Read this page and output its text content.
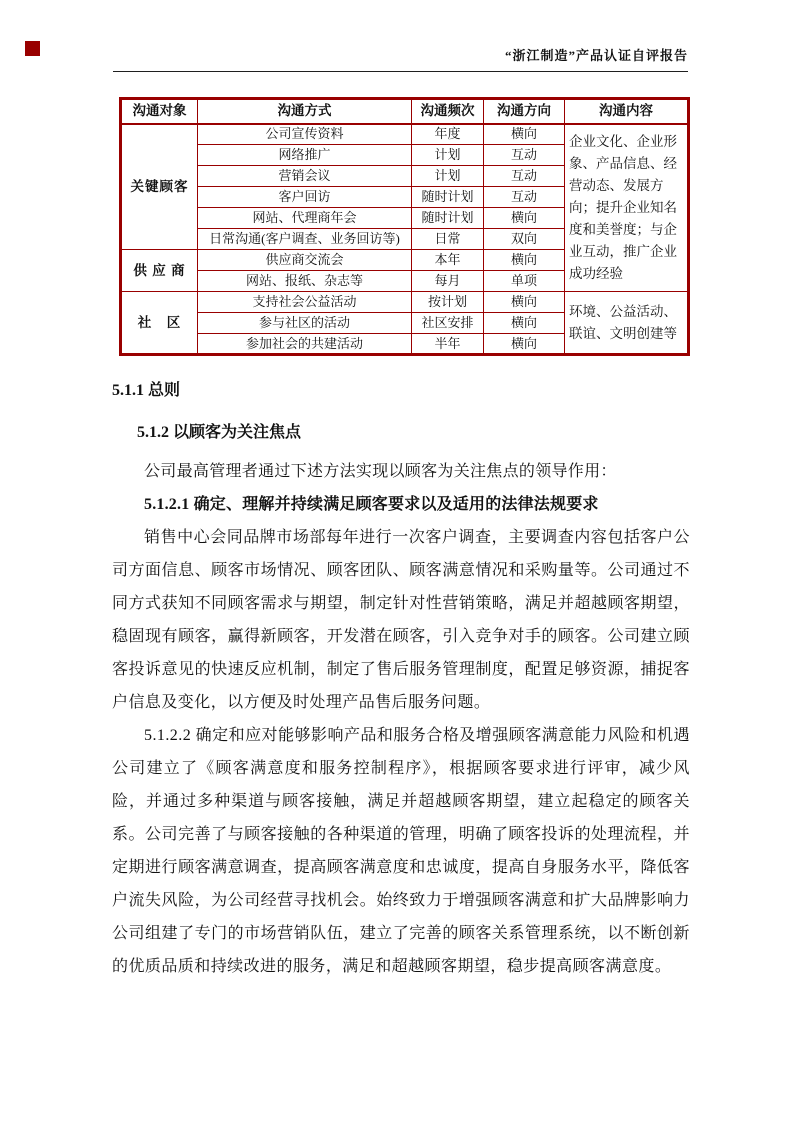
“浙江制造”产品认证自评报告
沟通对象	沟通方式	沟通频次	沟通方向	沟通内容
关键顾客	公司宣传资料	年度	横向	企业文化、企业形象、产品信息、经营动态、发展方向；提升企业知名度和美誉度；与企业互动，推广企业成功经验
	网络推广	计划	互动	
	营销会议	计划	互动	
	客户回访	随时计划	互动	
	网站、代理商年会	随时计划	横向	
	日常沟通(客户调查、业务回访等)	日常	双向	
供 应 商	供应商交流会	本年	横向	
	网站、报纸、杂志等	每月	单项	
社　区	支持社会公益活动	按计划	横向	环境、公益活动、联谊、文明创建等
	参与社区的活动	社区安排	横向	
	参加社会的共建活动	半年	横向	
5.1.1 总则
5.1.2 以顾客为关注焦点

公司最高管理者通过下述方法实现以顾客为关注焦点的领导作用：

5.1.2.1 确定、理解并持续满足顾客要求以及适用的法律法规要求

销售中心会同品牌市场部每年进行一次客户调查，主要调查内容包括客户公司方面信息、顾客市场情况、顾客团队、顾客满意情况和采购量等。公司通过不同方式获知不同顾客需求与期望，制定针对性营销策略，满足并超越顾客期望，稳固现有顾客，赢得新顾客，开发潜在顾客，引入竞争对手的顾客。公司建立顾客投诉意见的快速反应机制，制定了售后服务管理制度，配置足够资源，捕捉客户信息及变化，以方便及时处理产品售后服务问题。

5.1.2.2 确定和应对能够影响产品和服务合格及增强顾客满意能力风险和机遇公司建立了《顾客满意度和服务控制程序》，根据顾客要求进行评审，减少风险，并通过多种渠道与顾客接触，满足并超越顾客期望，建立起稳定的顾客关系。公司完善了与顾客接触的各种渠道的管理，明确了顾客投诉的处理流程，并定期进行顾客满意调查，提高顾客满意度和忠诚度，提高自身服务水平，降低客户流失风险，为公司经营寻找机会。始终致力于增强顾客满意和扩大品牌影响力公司组建了专门的市场营销队伍，建立了完善的顾客关系管理系统，以不断创新的优质品质和持续改进的服务，满足和超越顾客期望，稳步提高顾客满意度。
